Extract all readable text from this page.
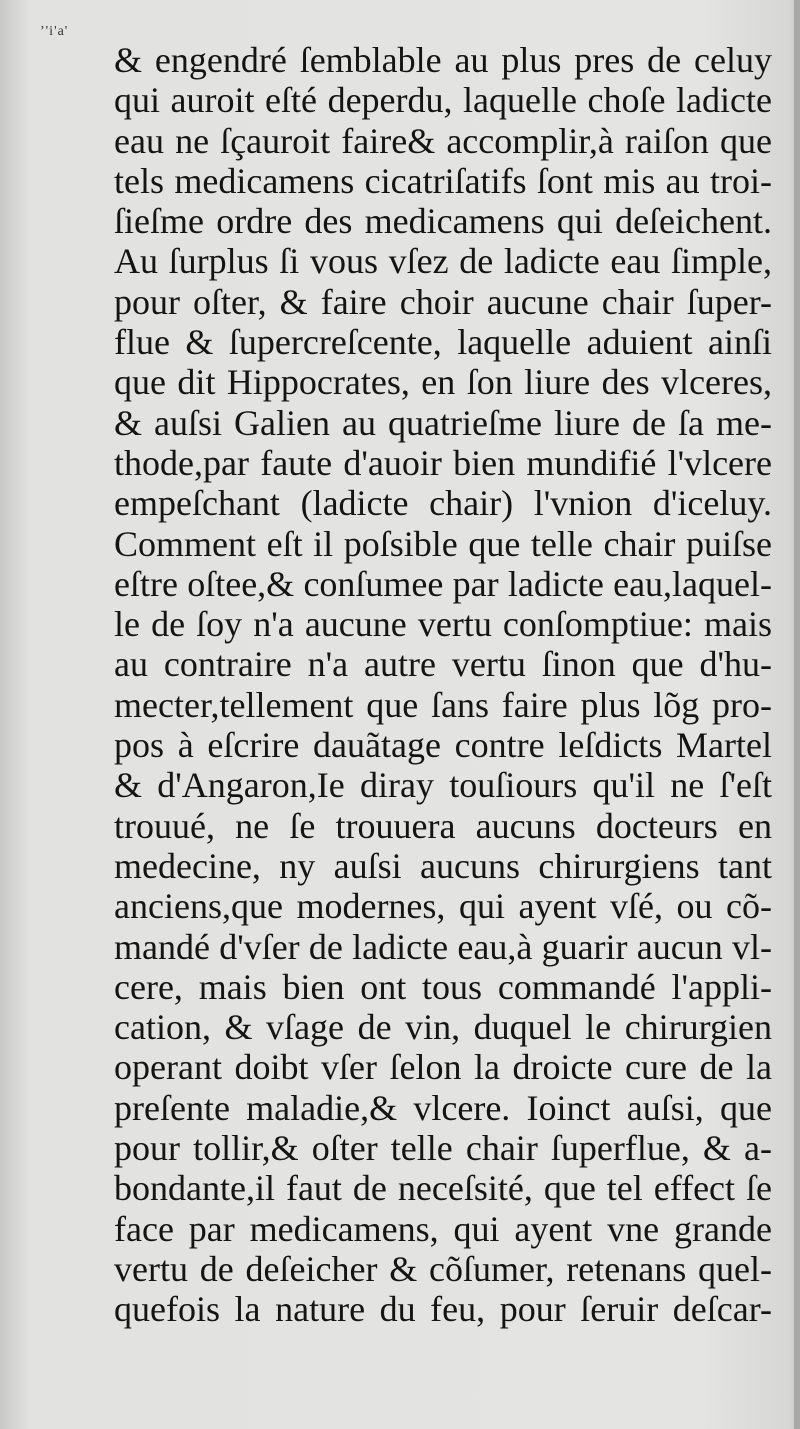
ʼ'i'a'
& engendré ſemblable au plus pres de celuy
qui auroit eſté deperdu, laquelle choſe ladicte
eau ne ſçauroit faire& accomplir,à raiſon que
tels medicamens cicatriſatifs ſont mis au troi-
ſieſme ordre des medicamens qui deſeichent.
Au ſurplus ſi vous vſez de ladicte eau ſimple,
pour oſter, & faire choir aucune chair ſuper-
flue & ſupercreſcente, laquelle aduient ainſi
que dit Hippocrates, en ſon liure des vlceres,
& auſsi Galien au quatrieſme liure de ſa me-
thode,par faute d'auoir bien mundifié l'vlcere
empeſchant (ladicte chair) l'vnion d'iceluy.
Comment eſt il poſsible que telle chair puiſse
eſtre oſtee,& conſumee par ladicte eau,laquel-
le de ſoy n'a aucune vertu conſomptiue: mais
au contraire n'a autre vertu ſinon que d'hu-
mecter,tellement que ſans faire plus lõg pro-
pos à eſcrire dauãtage contre leſdicts Martel
& d'Angaron,Ie diray touſiours qu'il ne ſ'eſt
trouué, ne ſe trouuera aucuns docteurs en
medecine, ny auſsi aucuns chirurgiens tant
anciens,que modernes, qui ayent vſé, ou cõ-
mandé d'vſer de ladicte eau,à guarir aucun vl-
cere, mais bien ont tous commandé l'appli-
cation, & vſage de vin, duquel le chirurgien
operant doibt vſer ſelon la droicte cure de la
preſente maladie,& vlcere. Ioinct auſsi, que
pour tollir,& oſter telle chair ſuperflue, & a-
bondante,il faut de neceſsité, que tel effect ſe
face par medicamens, qui ayent vne grande
vertu de deſeicher & cõſumer, retenans quel-
quefois la nature du feu, pour ſeruir deſcar-
